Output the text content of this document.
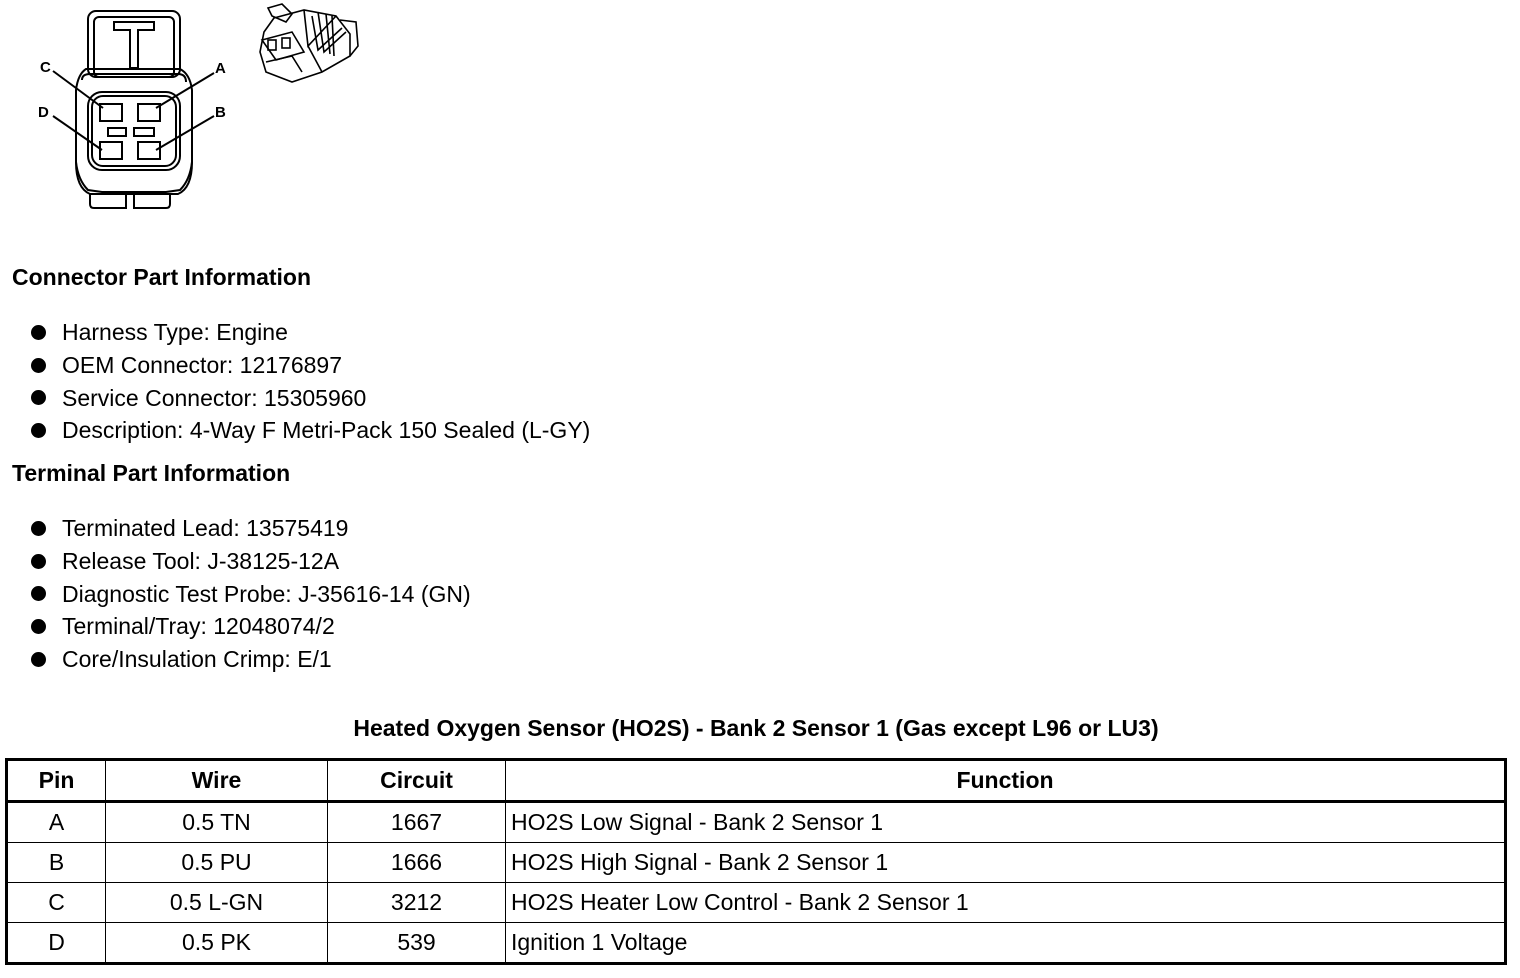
C	A
D	B
Connector Part Information
Harness Type: Engine
OEM Connector: 12176897
Service Connector: 15305960
Description: 4-Way F Metri-Pack 150 Sealed (L-GY)
Terminal Part Information
Terminated Lead: 13575419
Release Tool: J-38125-12A
Diagnostic Test Probe: J-35616-14 (GN)
Terminal/Tray: 12048074/2
Core/Insulation Crimp: E/1
Heated Oxygen Sensor (HO2S) - Bank 2 Sensor 1 (Gas except L96 or LU3)
Pin	Wire	Circuit	Function
A	0.5 TN	1667	HO2S Low Signal - Bank 2 Sensor 1
B	0.5 PU	1666	HO2S High Signal - Bank 2 Sensor 1
C	0.5 L-GN	3212	HO2S Heater Low Control - Bank 2 Sensor 1
D	0.5 PK	539	Ignition 1 Voltage
